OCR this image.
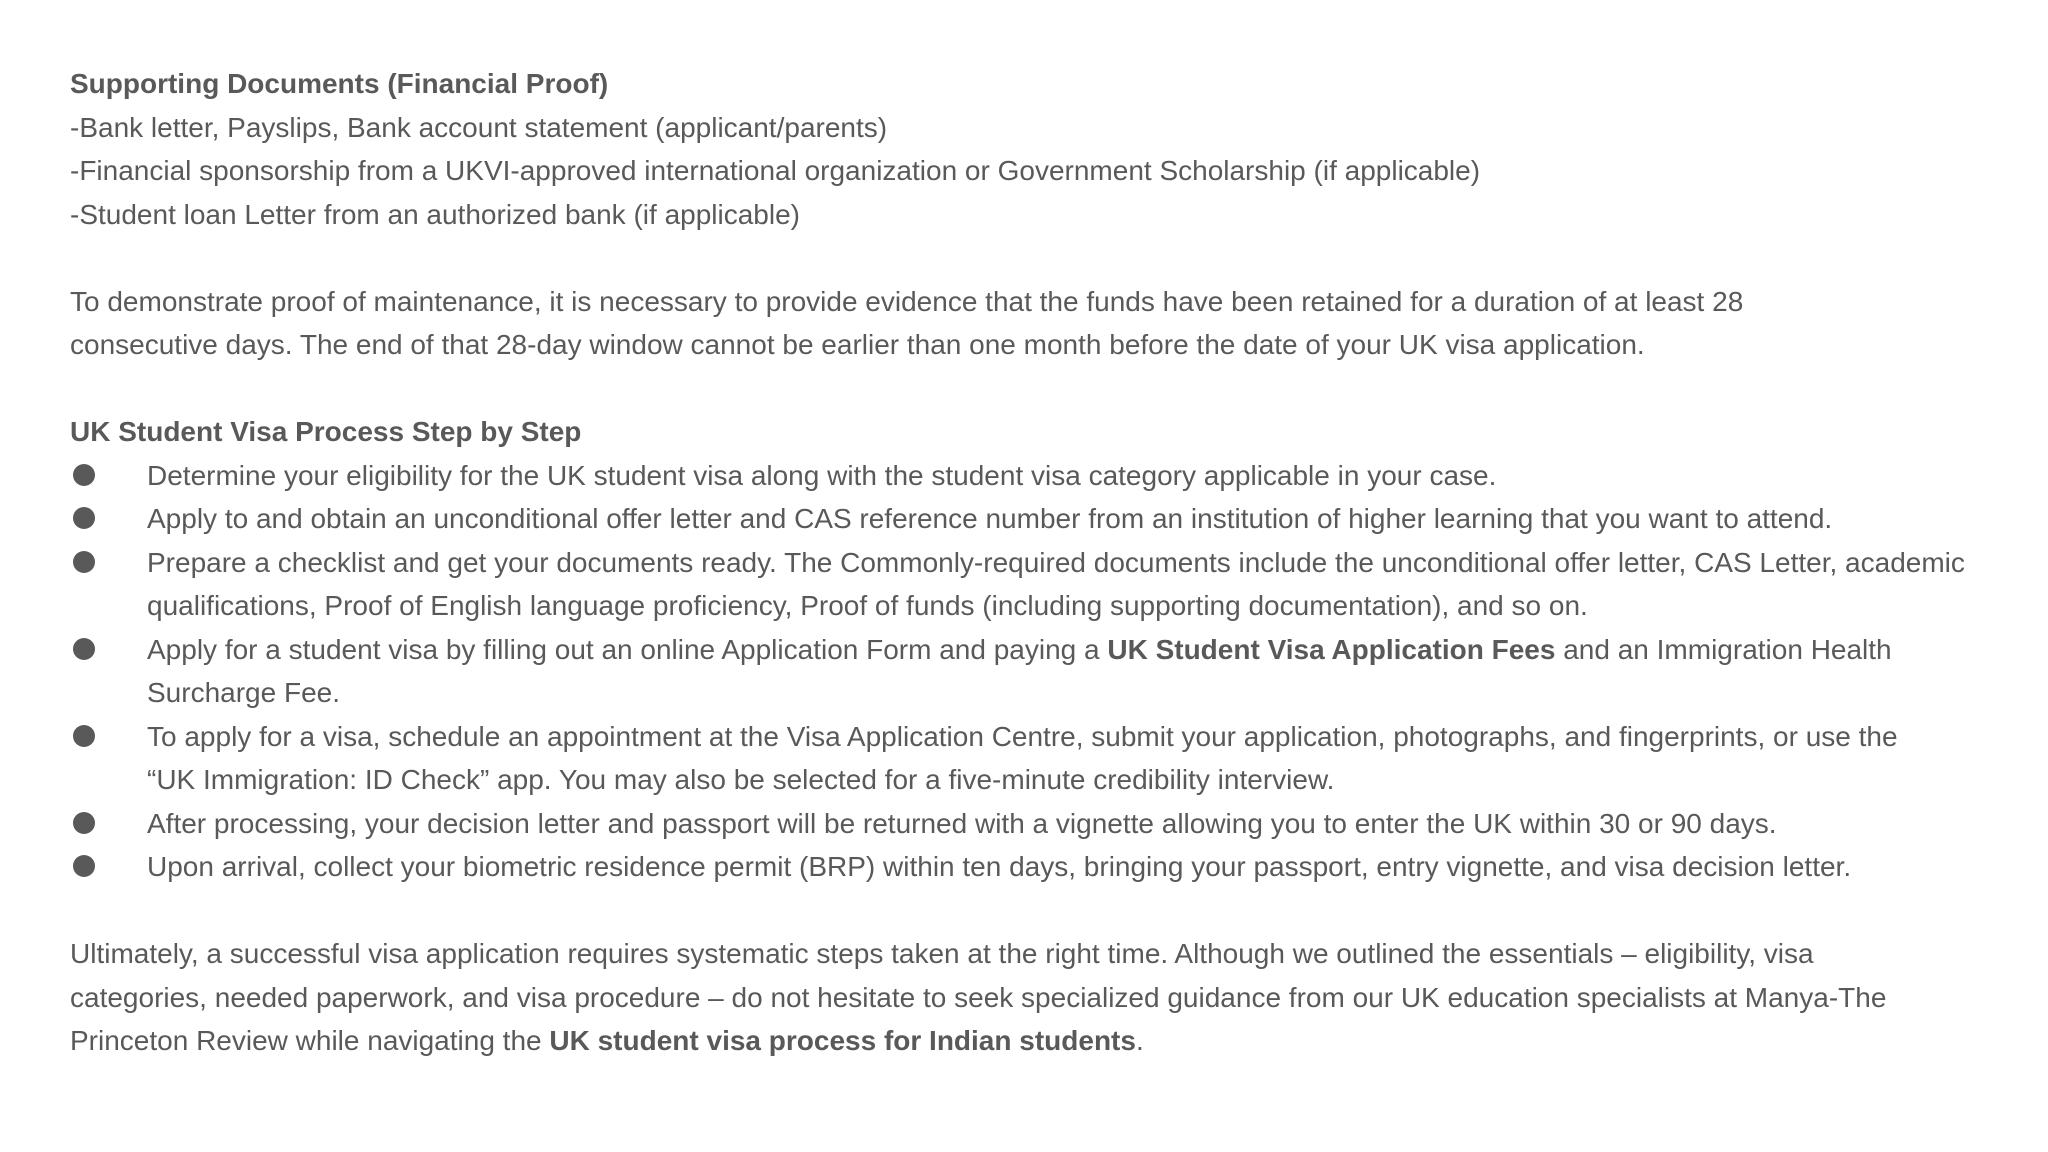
Supporting Documents (Financial Proof)

-Bank letter, Payslips, Bank account statement (applicant/parents)

-Financial sponsorship from a UKVI-approved international organization or Government Scholarship (if applicable)

-Student loan Letter from an authorized bank (if applicable)

To demonstrate proof of maintenance, it is necessary to provide evidence that the funds have been retained for a duration of at least 28 consecutive days. The end of that 28-day window cannot be earlier than one month before the date of your UK visa application.

UK Student Visa Process Step by Step

Determine your eligibility for the UK student visa along with the student visa category applicable in your case.
Apply to and obtain an unconditional offer letter and CAS reference number from an institution of higher learning that you want to attend.
Prepare a checklist and get your documents ready. The Commonly-required documents include the unconditional offer letter, CAS Letter, academic qualifications, Proof of English language proficiency, Proof of funds (including supporting documentation), and so on.
Apply for a student visa by filling out an online Application Form and paying a UK Student Visa Application Fees and an Immigration Health Surcharge Fee.
To apply for a visa, schedule an appointment at the Visa Application Centre, submit your application, photographs, and fingerprints, or use the “UK Immigration: ID Check” app. You may also be selected for a five-minute credibility interview.
After processing, your decision letter and passport will be returned with a vignette allowing you to enter the UK within 30 or 90 days.
Upon arrival, collect your biometric residence permit (BRP) within ten days, bringing your passport, entry vignette, and visa decision letter.

Ultimately, a successful visa application requires systematic steps taken at the right time. Although we outlined the essentials – eligibility, visa categories, needed paperwork, and visa procedure – do not hesitate to seek specialized guidance from our UK education specialists at Manya-The Princeton Review while navigating the UK student visa process for Indian students.
